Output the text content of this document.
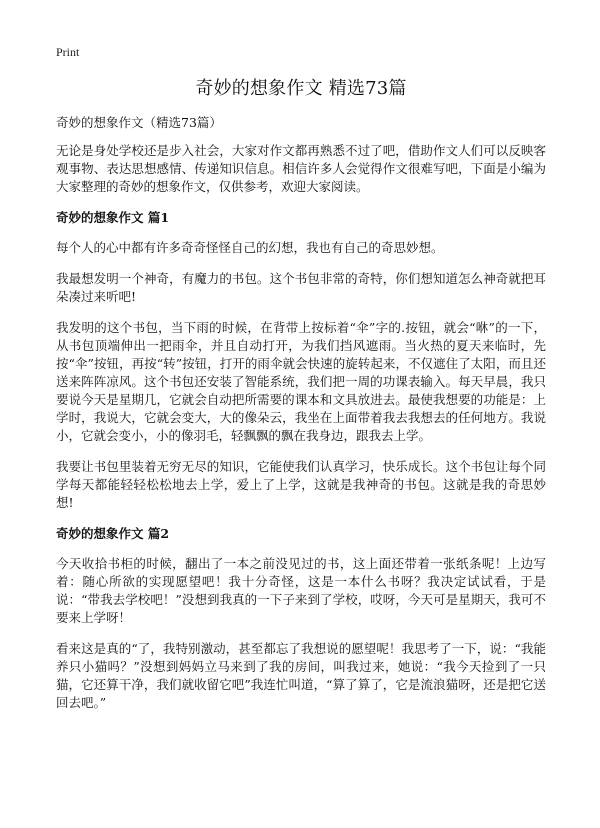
Print
奇妙的想象作文 精选73篇
奇妙的想象作文（精选73篇）

无论是身处学校还是步入社会，大家对作文都再熟悉不过了吧，借助作文人们可以反映客观事物、表达思想感情、传递知识信息。相信许多人会觉得作文很难写吧，下面是小编为大家整理的奇妙的想象作文，仅供参考，欢迎大家阅读。

奇妙的想象作文 篇1

每个人的心中都有许多奇奇怪怪自己的幻想，我也有自己的奇思妙想。

我最想发明一个神奇，有魔力的书包。这个书包非常的奇特，你们想知道怎么神奇就把耳朵凑过来听吧!

我发明的这个书包，当下雨的时候，在背带上按标着“伞”字的.按钮，就会“咻”的一下，从书包顶端伸出一把雨伞，并且自动打开，为我们挡风遮雨。当火热的夏天来临时，先按“伞”按钮，再按“转”按钮，打开的雨伞就会快速的旋转起来，不仅遮住了太阳，而且还送来阵阵凉风。这个书包还安装了智能系统，我们把一周的功课表输入。每天早晨，我只要说今天是星期几，它就会自动把所需要的课本和文具放进去。最使我想要的功能是：上学时，我说大，它就会变大，大的像朵云，我坐在上面带着我去我想去的任何地方。我说小，它就会变小，小的像羽毛，轻飘飘的飘在我身边，跟我去上学。

我要让书包里装着无穷无尽的知识，它能使我们认真学习，快乐成长。这个书包让每个同学每天都能轻轻松松地去上学，爱上了上学，这就是我神奇的书包。这就是我的奇思妙想!

奇妙的想象作文 篇2

今天收拾书柜的时候，翻出了一本之前没见过的书，这上面还带着一张纸条呢！上边写着：随心所欲的实现愿望吧！我十分奇怪，这是一本什么书呀？我决定试试看，于是说：“带我去学校吧！”没想到我真的一下子来到了学校，哎呀，今天可是星期天，我可不要来上学呀！

看来这是真的“了，我特别激动，甚至都忘了我想说的愿望呢！我思考了一下，说：“我能养只小猫吗？”没想到妈妈立马来到了我的房间，叫我过来，她说：“我今天捡到了一只猫，它还算干净，我们就收留它吧”我连忙叫道，“算了算了，它是流浪猫呀，还是把它送回去吧。”
